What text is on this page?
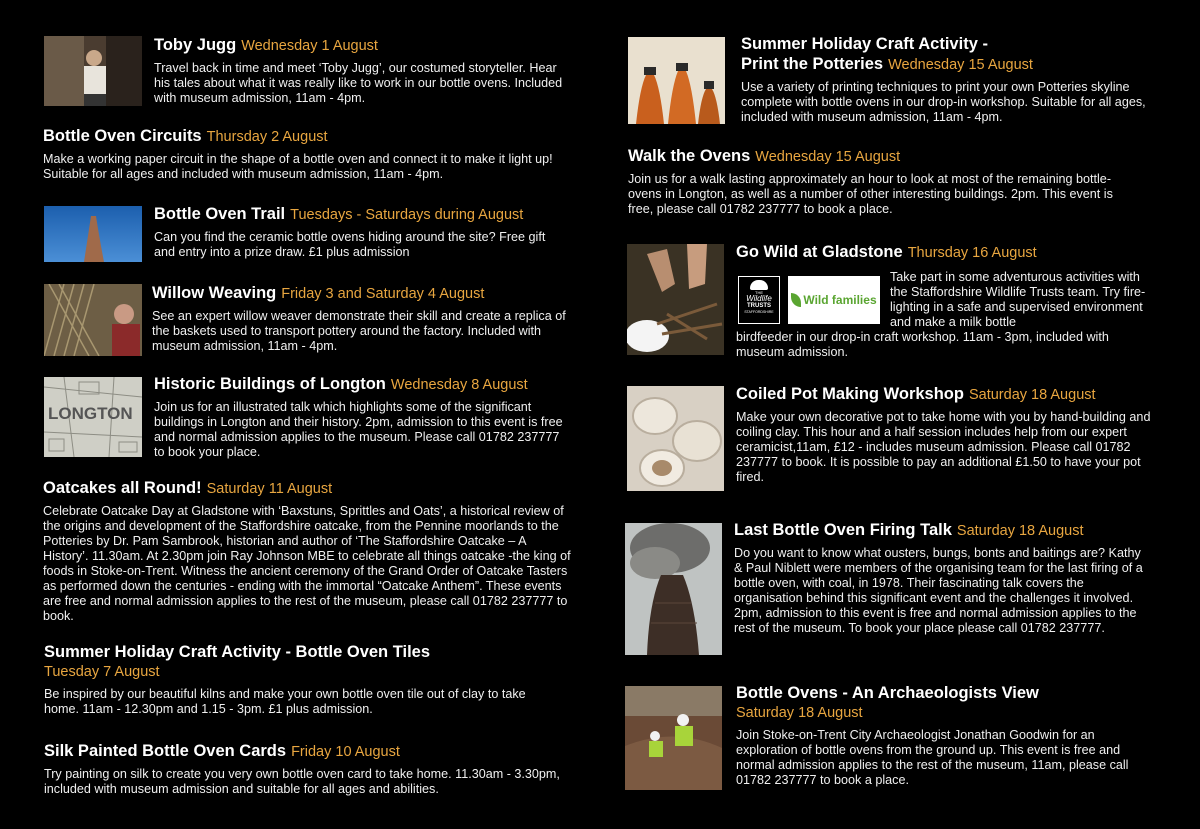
Toby Jugg Wednesday 1 August
Travel back in time and meet ‘Toby Jugg’, our costumed storyteller. Hear his tales about what it was really like to work in our bottle ovens. Included with museum admission, 11am - 4pm.
Bottle Oven Circuits Thursday 2 August
Make a working paper circuit in the shape of a bottle oven and connect it to make it light up! Suitable for all ages and included with museum admission, 11am - 4pm.
Bottle Oven Trail Tuesdays - Saturdays during August
Can you find the ceramic bottle ovens hiding around the site? Free gift and entry into a prize draw. £1 plus admission
Willow Weaving Friday 3 and Saturday 4 August
See an expert willow weaver demonstrate their skill and create a replica of the baskets used to transport pottery around the factory. Included with museum admission, 11am - 4pm.
LONGTON
Historic Buildings of Longton Wednesday 8 August
Join us for an illustrated talk which highlights some of the significant buildings in Longton and their history. 2pm, admission to this event is free and normal admission applies to the museum. Please call 01782 237777 to book your place.
Oatcakes all Round! Saturday 11 August
Celebrate Oatcake Day at Gladstone with ‘Baxstuns, Sprittles and Oats’, a historical review of the origins and development of the Staffordshire oatcake, from the Pennine moorlands to the Potteries by Dr. Pam Sambrook, historian and author of ‘The Staffordshire Oatcake – A History’. 11.30am. At 2.30pm join Ray Johnson MBE to celebrate all things oatcake -the king of foods in Stoke-on-Trent. Witness the ancient ceremony of the Grand Order of Oatcake Tasters as performed down the centuries - ending with the immortal “Oatcake Anthem”. These events are free and normal admission applies to the rest of the museum, please call 01782 237777 to book.
Summer Holiday Craft Activity - Bottle Oven Tiles
Tuesday 7 August
Be inspired by our beautiful kilns and make your own bottle oven tile out of clay to take home. 11am - 12.30pm and 1.15 - 3pm. £1 plus admission.
Silk Painted Bottle Oven Cards Friday 10 August
Try painting on silk to create you very own bottle oven card to take home. 11.30am - 3.30pm, included with museum admission and suitable for all ages and abilities.
Summer Holiday Craft Activity -
Print the Potteries Wednesday 15 August
Use a variety of printing techniques to print your own Potteries skyline complete with bottle ovens in our drop-in workshop. Suitable for all ages, included with museum admission, 11am - 4pm.
Walk the Ovens Wednesday 15 August
Join us for a walk lasting approximately an hour to look at most of the remaining bottle-ovens in Longton, as well as a number of other interesting buildings. 2pm. This event is free, please call 01782 237777 to book a place.
Go Wild at Gladstone Thursday 16 August
THE
Wildlife
TRUSTS
STAFFORDSHIRE
Wild families
Take part in some adventurous activities with the Staffordshire Wildlife Trusts team. Try fire-lighting in a safe and supervised environment and make a milk bottle
birdfeeder in our drop-in craft workshop. 11am - 3pm, included with museum admission.
Coiled Pot Making Workshop Saturday 18 August
Make your own decorative pot to take home with you by hand-building and coiling clay. This hour and a half session includes help from our expert ceramicist,11am, £12 - includes museum admission. Please call 01782 237777 to book. It is possible to pay an additional £1.50 to have your pot fired.
Last Bottle Oven Firing Talk Saturday 18 August
Do you want to know what ousters, bungs, bonts and baitings are? Kathy & Paul Niblett were members of the organising team for the last firing of a bottle oven, with coal, in 1978. Their fascinating talk covers the organisation behind this significant event and the challenges it involved. 2pm, admission to this event is free and normal admission applies to the rest of the museum. To book your place please call 01782 237777.
Bottle Ovens - An Archaeologists View
Saturday 18 August
Join Stoke-on-Trent City Archaeologist Jonathan Goodwin for an exploration of bottle ovens from the ground up. This event is free and normal admission applies to the rest of the museum, 11am, please call 01782 237777 to book a place.
